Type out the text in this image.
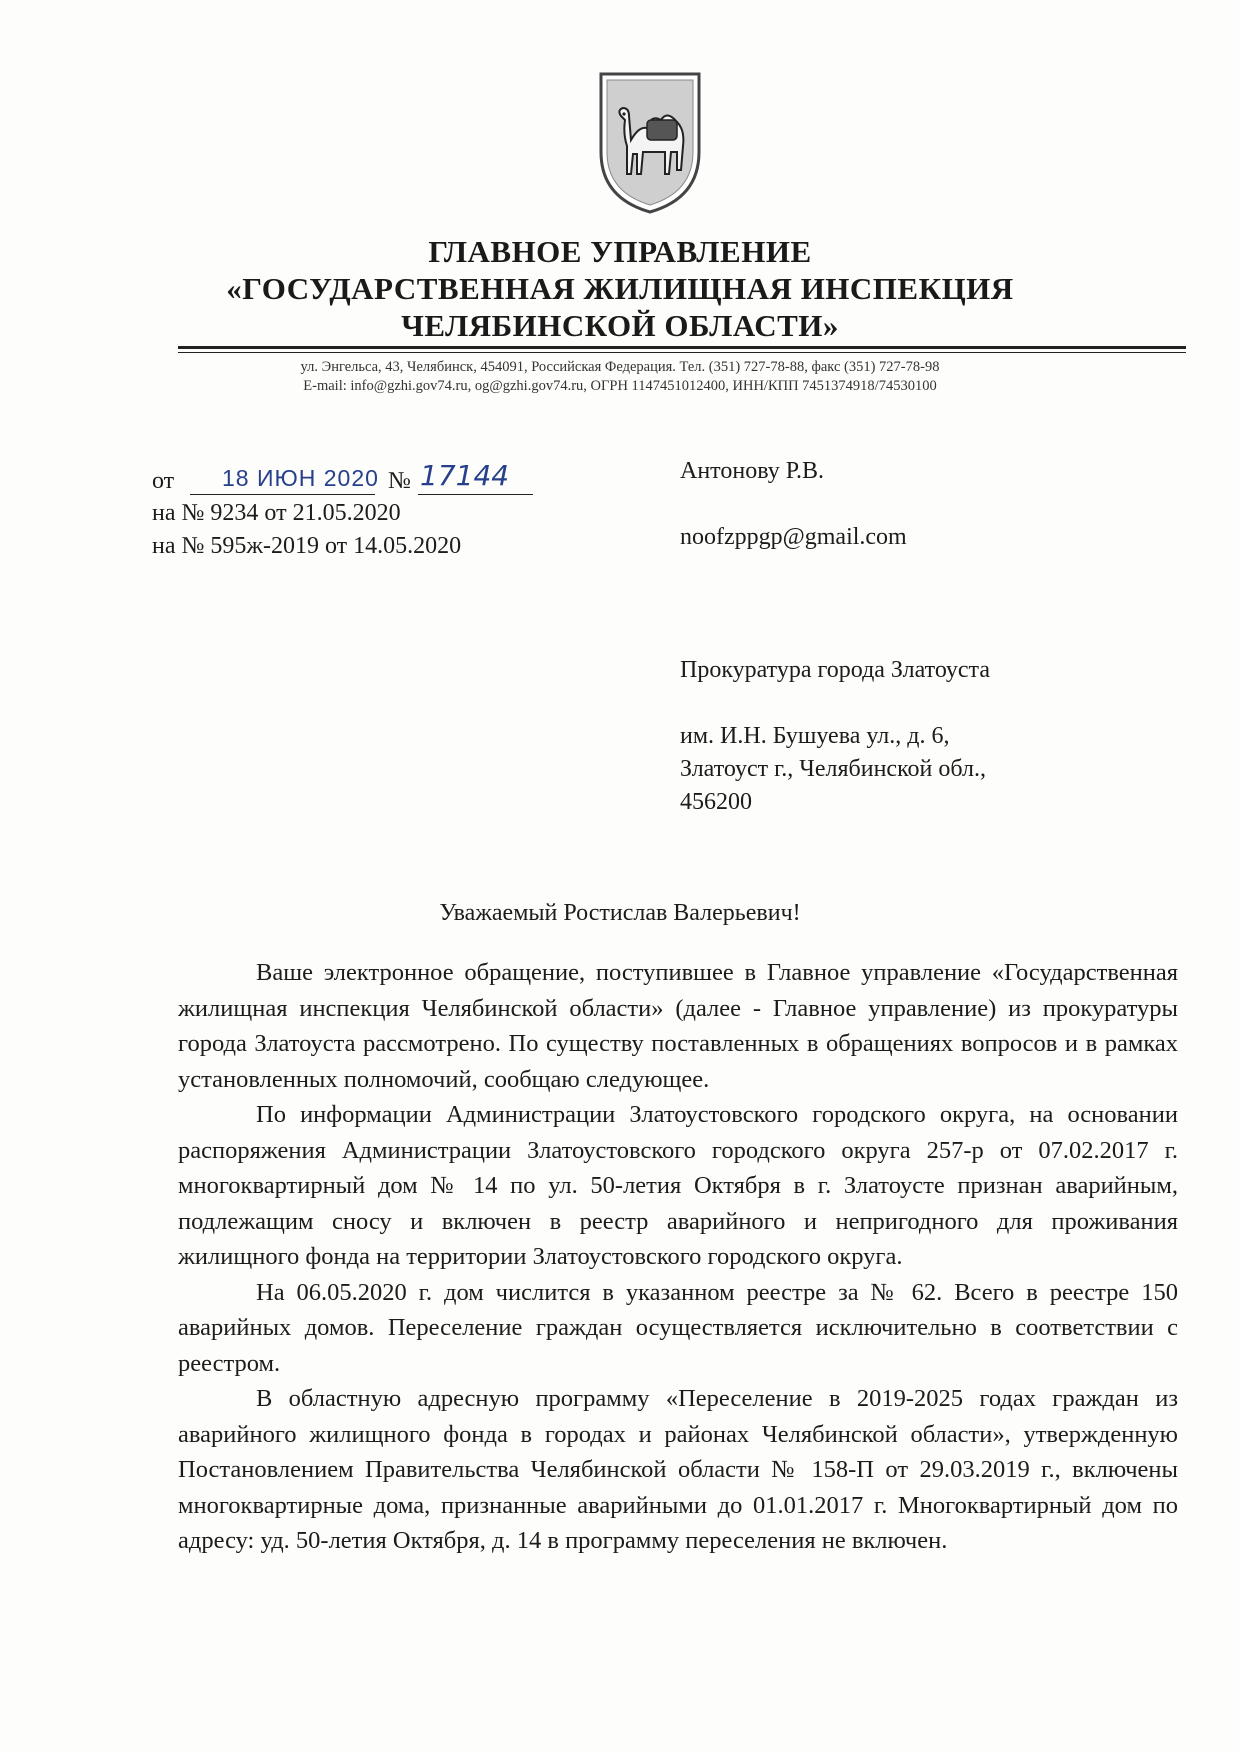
ГЛАВНОЕ УПРАВЛЕНИЕ
«ГОСУДАРСТВЕННАЯ ЖИЛИЩНАЯ ИНСПЕКЦИЯ
ЧЕЛЯБИНСКОЙ ОБЛАСТИ»
ул. Энгельса, 43, Челябинск, 454091, Российская Федерация. Тел. (351) 727-78-88, факс (351) 727-78-98
E-mail: info@gzhi.gov74.ru, og@gzhi.gov74.ru, ОГРН 1147451012400, ИНН/КПП 7451374918/74530100
от 18 ИЮН 2020 № 17144
на № 9234 от 21.05.2020
на № 595ж-2019 от 14.05.2020
Антонову Р.В.
noofzppgp@gmail.com
Прокуратура города Златоуста
им. И.Н. Бушуева ул., д. 6,
Златоуст г., Челябинской обл.,
456200
Уважаемый Ростислав Валерьевич!

Ваше электронное обращение, поступившее в Главное управление «Государственная жилищная инспекция Челябинской области» (далее - Главное управление) из прокуратуры города Златоуста рассмотрено. По существу поставленных в обращениях вопросов и в рамках установленных полномочий, сообщаю следующее.

По информации Администрации Златоустовского городского округа, на основании распоряжения Администрации Златоустовского городского округа 257-р от 07.02.2017 г. многоквартирный дом № 14 по ул. 50-летия Октября в г. Златоусте признан аварийным, подлежащим сносу и включен в реестр аварийного и непригодного для проживания жилищного фонда на территории Златоустовского городского округа.

На 06.05.2020 г. дом числится в указанном реестре за № 62. Всего в реестре 150 аварийных домов. Переселение граждан осуществляется исключительно в соответствии с реестром.

В областную адресную программу «Переселение в 2019-2025 годах граждан из аварийного жилищного фонда в городах и районах Челябинской области», утвержденную Постановлением Правительства Челябинской области № 158-П от 29.03.2019 г., включены многоквартирные дома, признанные аварийными до 01.01.2017 г. Многоквартирный дом по адресу: уд. 50-летия Октября, д. 14 в программу переселения не включен.
